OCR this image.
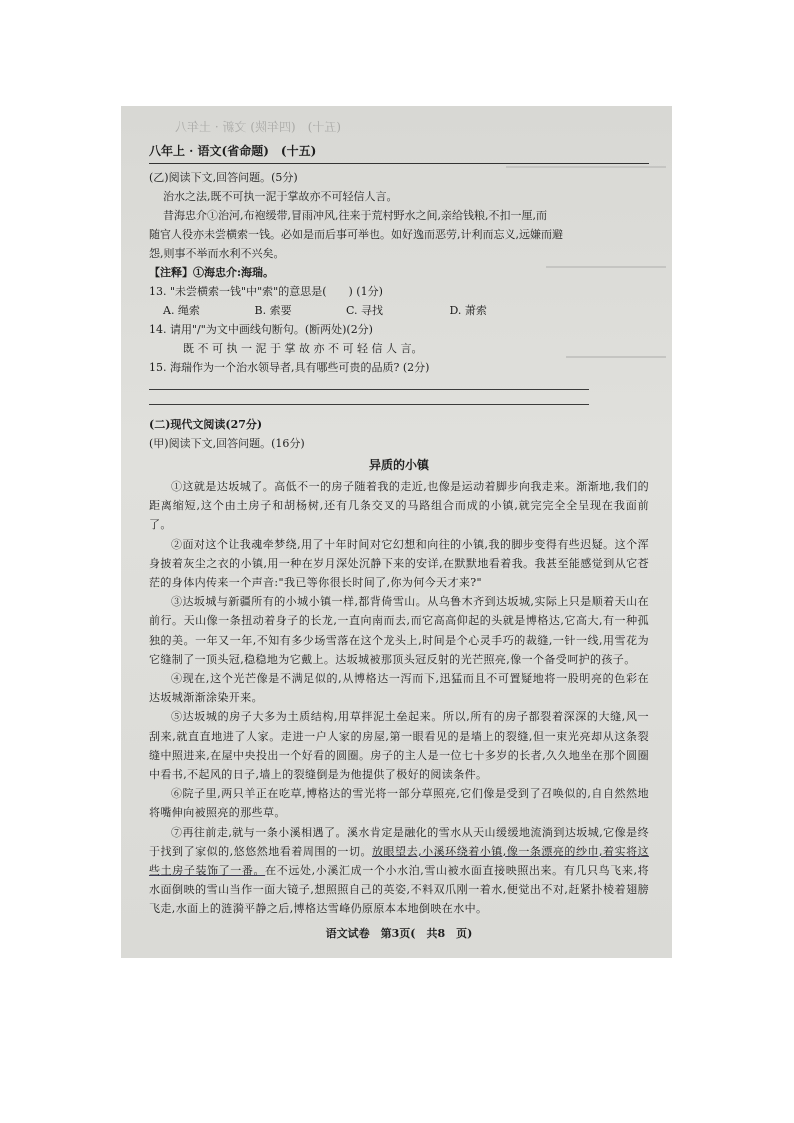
(五十)　(四年陕) 文新 · 土年八
八年上 · 语文(省命题)　(十五)
(乙)阅读下文,回答问题。(5分)
治水之法,既不可执一泥于掌故亦不可轻信人言。
昔海忠介①治河,布袍缓带,冒雨冲风,往来于荒村野水之间,亲给钱粮,不扣一厘,而
随官人役亦未尝横索一钱。必如是而后事可举也。如好逸而恶劳,计利而忘义,远嫌而避
怨,则事不举而水利不兴矣。
【注释】①海忠介:海瑞。
13. "未尝横索一钱"中"索"的意思是(　　) (1分)
A. 绳索	B. 索要	C. 寻找	D. 萧索
14. 请用"/"为文中画线句断句。(断两处)(2分)
既 不 可 执 一 泥 于 掌 故 亦 不 可 轻 信 人 言。
15. 海瑞作为一个治水领导者,具有哪些可贵的品质? (2分)
(二)现代文阅读(27分)
(甲)阅读下文,回答问题。(16分)
异质的小镇
①这就是达坂城了。高低不一的房子随着我的走近,也像是运动着脚步向我走来。渐渐地,我们的距离缩短,这个由土房子和胡杨树,还有几条交叉的马路组合而成的小镇,就完完全全呈现在我面前了。
②面对这个让我魂牵梦绕,用了十年时间对它幻想和向往的小镇,我的脚步变得有些迟疑。这个浑身披着灰尘之衣的小镇,用一种在岁月深处沉静下来的安详,在默默地看着我。我甚至能感觉到从它苍茫的身体内传来一个声音:"我已等你很长时间了,你为何今天才来?"
③达坂城与新疆所有的小城小镇一样,都背倚雪山。从乌鲁木齐到达坂城,实际上只是顺着天山在前行。天山像一条扭动着身子的长龙,一直向南而去,而它高高仰起的头就是博格达,它高大,有一种孤独的美。一年又一年,不知有多少场雪落在这个龙头上,时间是个心灵手巧的裁缝,一针一线,用雪花为它缝制了一顶头冠,稳稳地为它戴上。达坂城被那顶头冠反射的光芒照亮,像一个备受呵护的孩子。
④现在,这个光芒像是不满足似的,从博格达一泻而下,迅猛而且不可置疑地将一股明亮的色彩在达坂城渐渐涂染开来。
⑤达坂城的房子大多为土质结构,用草拌泥土垒起来。所以,所有的房子都裂着深深的大缝,风一刮来,就直直地进了人家。走进一户人家的房屋,第一眼看见的是墙上的裂缝,但一束光亮却从这条裂缝中照进来,在屋中央投出一个好看的圆圈。房子的主人是一位七十多岁的长者,久久地坐在那个圆圈中看书,不起风的日子,墙上的裂缝倒是为他提供了极好的阅读条件。
⑥院子里,两只羊正在吃草,博格达的雪光将一部分草照亮,它们像是受到了召唤似的,自自然然地将嘴伸向被照亮的那些草。
⑦再往前走,就与一条小溪相遇了。溪水肯定是融化的雪水从天山缓缓地流淌到达坂城,它像是终于找到了家似的,悠悠然地看着周围的一切。放眼望去,小溪环绕着小镇,像一条漂亮的纱巾,着实将这些土房子装饰了一番。在不远处,小溪汇成一个小水泊,雪山被水面直接映照出来。有几只鸟飞来,将水面倒映的雪山当作一面大镜子,想照照自己的英姿,不料双爪刚一着水,便觉出不对,赶紧扑棱着翅膀飞走,水面上的涟漪平静之后,博格达雪峰仍原原本本地倒映在水中。
语文试卷　第3页(　共8　页)
